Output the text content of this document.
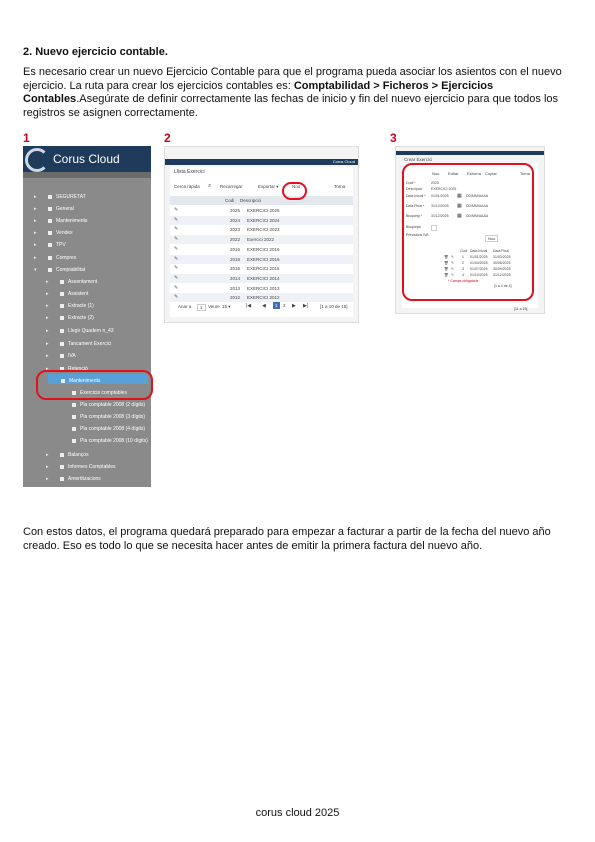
2. Nuevo ejercicio contable.
Es necesario crear un nuevo Ejercicio Contable para que el programa pueda asociar los asientos con el nuevo ejercicio. La ruta para crear los ejercicios contables es: Comptabilidad > Ficheros > Ejercicios Contables.Asegúrate de definir correctamente las fechas de inicio y fin del nuevo ejercicio para que todos los registros se asignen correctamente.
1	2	3
Corus Cloud
SEGURETAT
▸
General
▸
Manteniments
▸
Vendes
▸
TPV
▸
Compres
▸
Comptabilitat
▾
Assentament
▸
Assistent
▸
Extracte (1)
▸
Extracte (2)
▸
Llegir Quadern n_43
▸
Tancament Exercici
▸
IVA
▸
Retenció
▸
Manteniments
Exercicis comptables
Pla comptable 2008 (2 dígits)
Pla comptable 2008 (3 dígits)
Pla comptable 2008 (4 dígits)
Pla comptable 2008 (10 dígits)
Balanços
▸
Informes Comptables
▸
Amortitzacions
▸
Corus Cloud
Llista Exercici
Cerca ràpida ⌕ Recarregar	Exportar ▾	Nou	Torna
Codi Descripció
✎	2025 EXERCICI 2025
✎	2024 EXERCICI 2024
✎	2023 EXERCICI 2023
✎	2022 Exercici 2022
✎	2016 EXERCICI 2016
✎	2016 EXERCICI 2016
✎	2015 EXERCICI 2015
✎	2014 EXERCICI 2014
✎	2013 EXERCICI 2013
✎	2012 EXERCICI 2012
Anar a	1	Veure 15 ▾	|◀ ◀	1	2 ▶ ▶|	[1 a 10 de 15]
Crear Exercici
Nou Editar Esborra Copiar	Torna
Codi *	2025
Descripció EXERCICI 2025
Data Inicial * 01/01/2025 ▦ DD/MM/AAAA
Data Final * 31/12/2025 ▦ DD/MM/AAAA
Bloqueig *	31/12/2025 ▦ DD/MM/AAAA
Bloquejat
Prévisions IVA
Nou
Codi Data Inicial Data Final
🗑 ✎ 1 01/01/2025 31/03/2025
🗑 ✎ 2 01/04/2025 30/06/2025
🗑 ✎ 3 01/07/2025 30/09/2025
🗑 ✎ 4 01/10/2025 31/12/2025
* Camps obligatoris
[1 a 4 de 4]
[11 a 15]
Con estos datos, el programa quedará preparado para empezar a facturar a partir de la fecha del nuevo año creado. Eso es todo lo que se necesita hacer antes de emitir la primera factura del nuevo año.
corus cloud 2025
